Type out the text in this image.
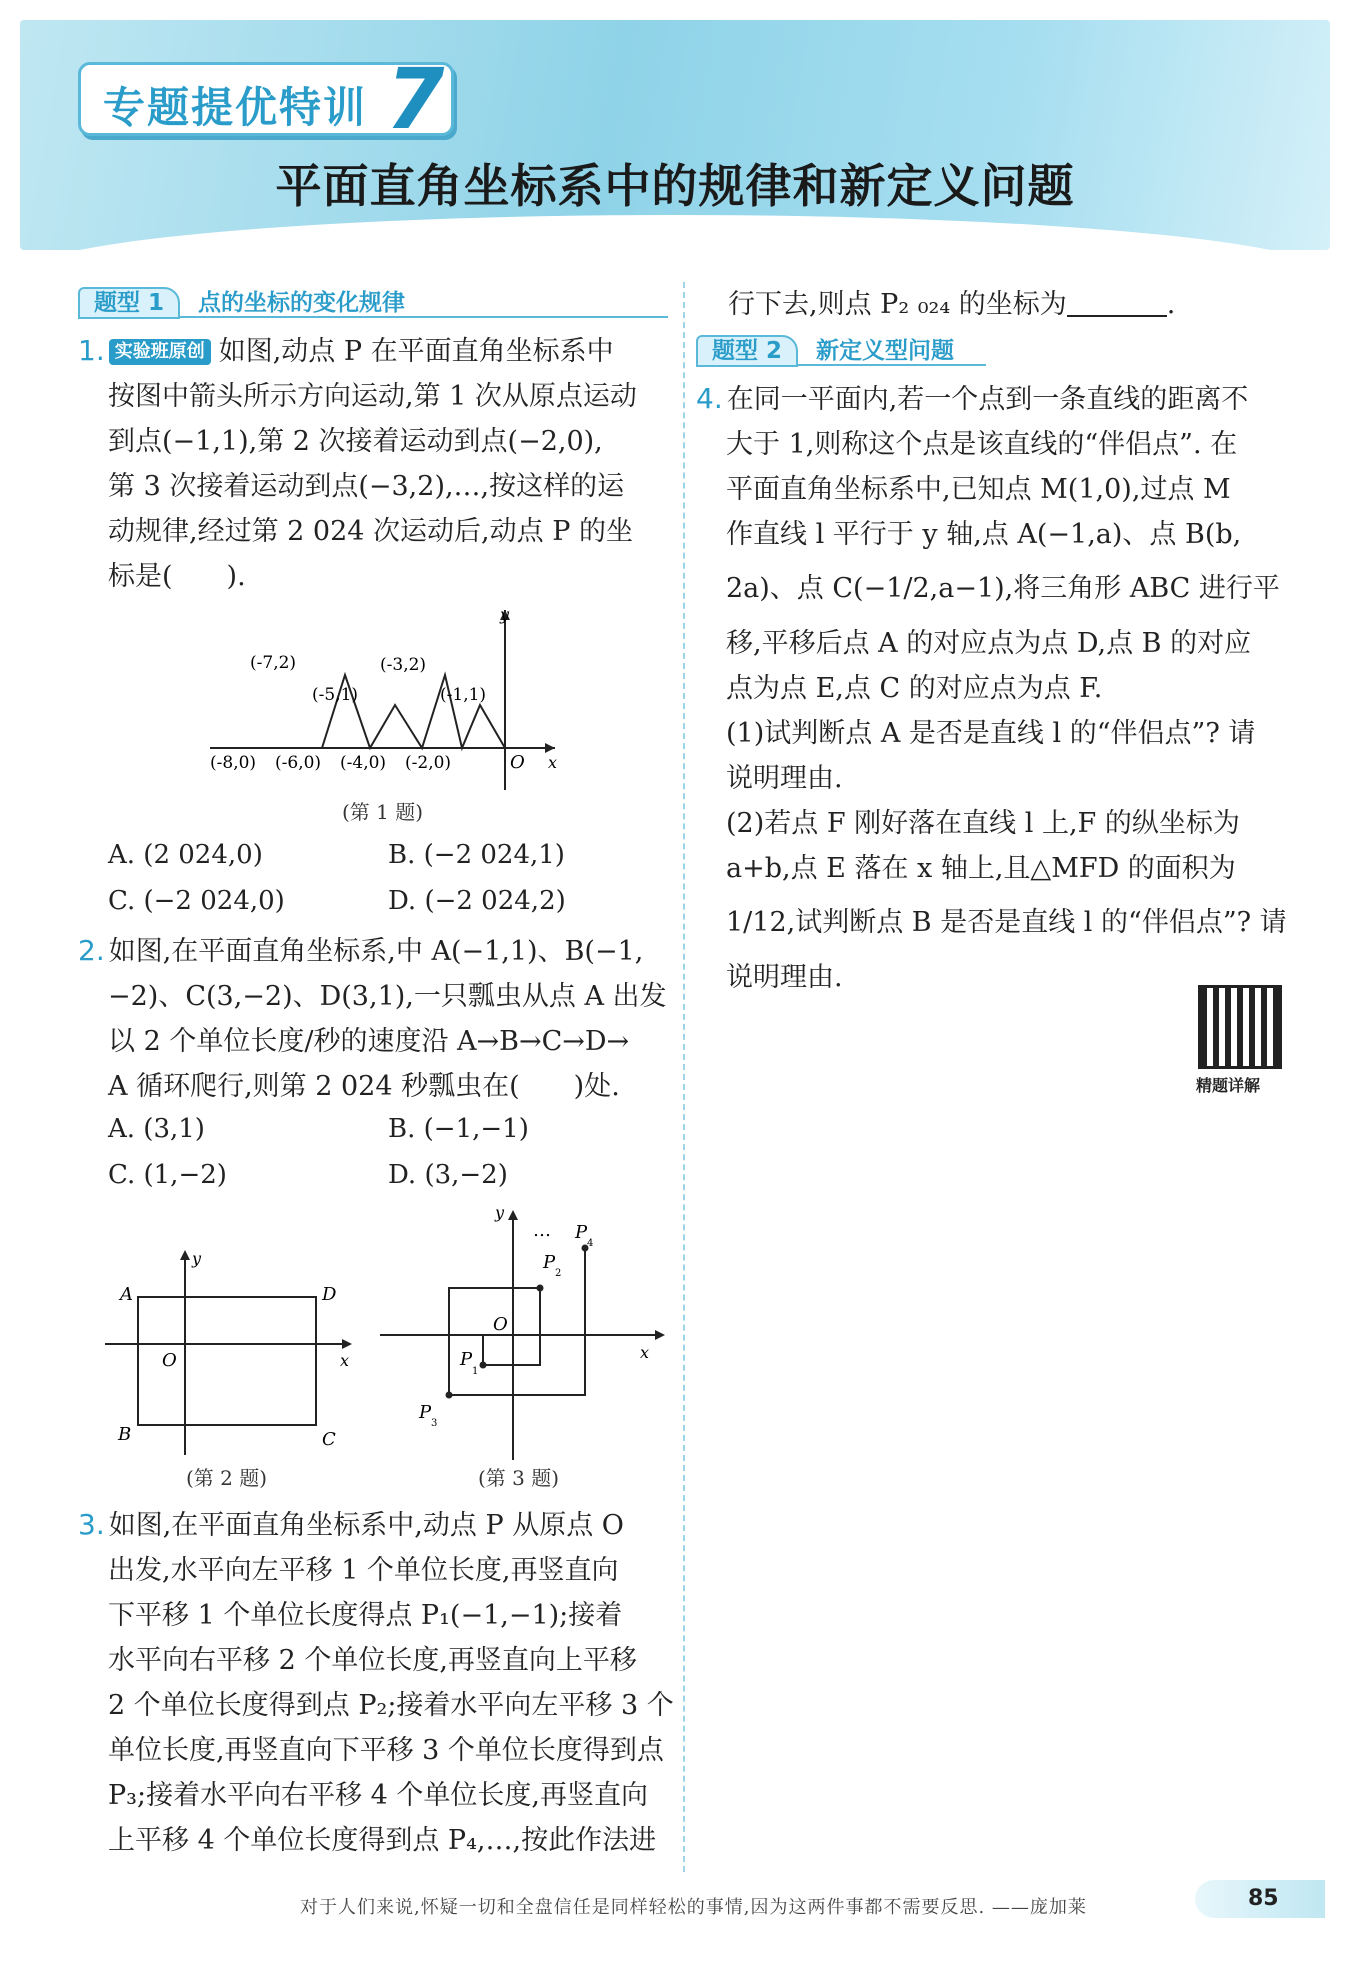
专题提优特训 7
平面直角坐标系中的规律和新定义问题
题型 1 点的坐标的变化规律
1. 实验班原创 如图,动点 P 在平面直角坐标系中
按图中箭头所示方向运动,第 1 次从原点运动
到点(−1,1),第 2 次接着运动到点(−2,0),
第 3 次接着运动到点(−3,2),…,按这样的运
动规律,经过第 2 024 次运动后,动点 P 的坐
标是(　　).
y
x
O
(-7,2)
(-5,1)
(-3,2)
(-1,1)
(-8,0) (-6,0) (-4,0) (-2,0)
(第 1 题)
A. (2 024,0)	B. (−2 024,1)
C. (−2 024,0)	D. (−2 024,2)
2. 如图,在平面直角坐标系,中 A(−1,1)、B(−1,
−2)、C(3,−2)、D(3,1),一只瓢虫从点 A 出发
以 2 个单位长度/秒的速度沿 A→B→C→D→
A 循环爬行,则第 2 024 秒瓢虫在(　　)处.
A. (3,1)	B. (−1,−1)
C. (1,−2)	D. (3,−2)
y
x
O
A	D
B	C
(第 2 题)
y
x
O
…
P
1
P
2
P
3
P
4
(第 3 题)
3. 如图,在平面直角坐标系中,动点 P 从原点 O
出发,水平向左平移 1 个单位长度,再竖直向
下平移 1 个单位长度得点 P₁(−1,−1);接着
水平向右平移 2 个单位长度,再竖直向上平移
2 个单位长度得到点 P₂;接着水平向左平移 3 个
单位长度,再竖直向下平移 3 个单位长度得到点
P₃;接着水平向右平移 4 个单位长度,再竖直向
上平移 4 个单位长度得到点 P₄,…,按此作法进
行下去,则点 P₂ ₀₂₄ 的坐标为	.
题型 2 新定义型问题
4. 在同一平面内,若一个点到一条直线的距离不
大于 1,则称这个点是该直线的“伴侣点”. 在
平面直角坐标系中,已知点 M(1,0),过点 M
作直线 l 平行于 y 轴,点 A(−1,a)、点 B(b,
2a)、点 C(−1/2,a−1),将三角形 ABC 进行平
移,平移后点 A 的对应点为点 D,点 B 的对应
点为点 E,点 C 的对应点为点 F.
(1)试判断点 A 是否是直线 l 的“伴侣点”? 请
说明理由.
(2)若点 F 刚好落在直线 l 上,F 的纵坐标为
a+b,点 E 落在 x 轴上,且△MFD 的面积为
1/12,试判断点 B 是否是直线 l 的“伴侣点”? 请
说明理由.
精题详解
对于人们来说,怀疑一切和全盘信任是同样轻松的事情,因为这两件事都不需要反思. ——庞加莱	85
